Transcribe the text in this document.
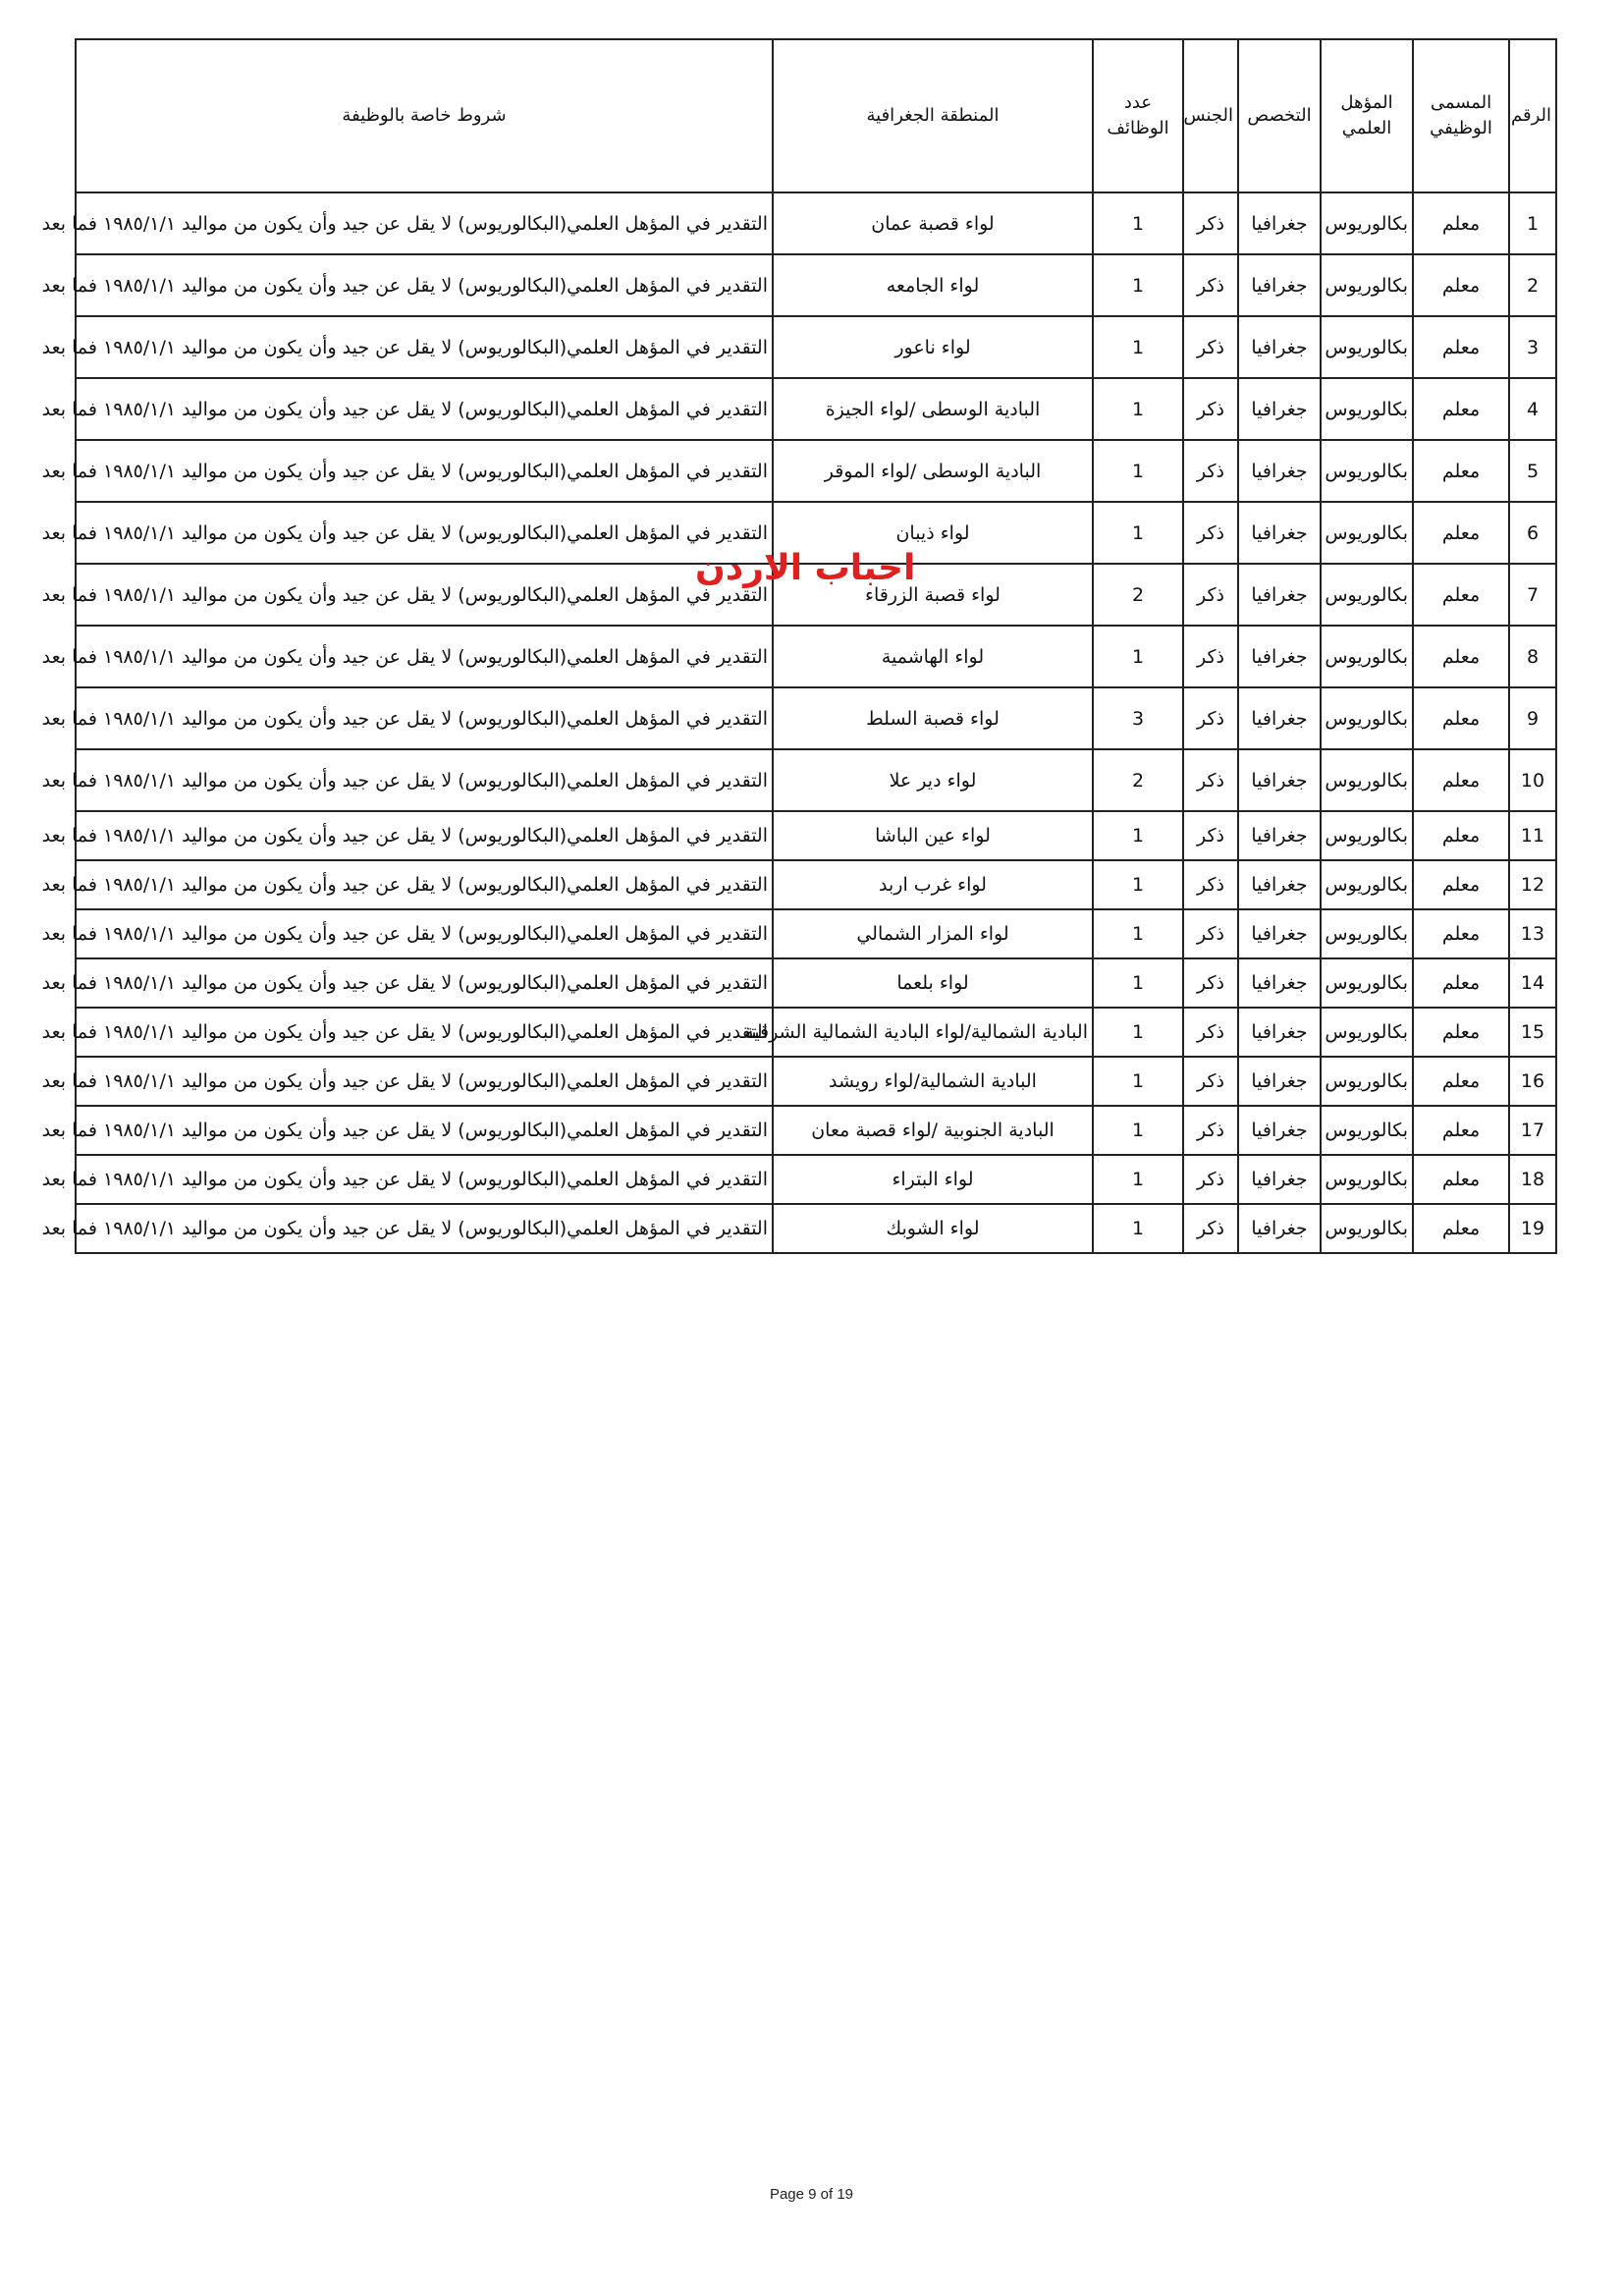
الرقم	المسمى الوظيفي	المؤهل العلمي	التخصص	الجنس	عدد الوظائف	المنطقة الجغرافية	شروط خاصة بالوظيفة
1	معلم	بكالوريوس	جغرافيا	ذكر	1	لواء قصبة عمان	التقدير في المؤهل العلمي(البكالوريوس) لا يقل عن جيد وأن يكون من مواليد ١٩٨٥/١/١ فما بعد
2	معلم	بكالوريوس	جغرافيا	ذكر	1	لواء الجامعه	التقدير في المؤهل العلمي(البكالوريوس) لا يقل عن جيد وأن يكون من مواليد ١٩٨٥/١/١ فما بعد
3	معلم	بكالوريوس	جغرافيا	ذكر	1	لواء ناعور	التقدير في المؤهل العلمي(البكالوريوس) لا يقل عن جيد وأن يكون من مواليد ١٩٨٥/١/١ فما بعد
4	معلم	بكالوريوس	جغرافيا	ذكر	1	البادية الوسطى /لواء الجيزة	التقدير في المؤهل العلمي(البكالوريوس) لا يقل عن جيد وأن يكون من مواليد ١٩٨٥/١/١ فما بعد
5	معلم	بكالوريوس	جغرافيا	ذكر	1	البادية الوسطى /لواء الموقر	التقدير في المؤهل العلمي(البكالوريوس) لا يقل عن جيد وأن يكون من مواليد ١٩٨٥/١/١ فما بعد
6	معلم	بكالوريوس	جغرافيا	ذكر	1	لواء ذيبان	التقدير في المؤهل العلمي(البكالوريوس) لا يقل عن جيد وأن يكون من مواليد ١٩٨٥/١/١ فما بعد
7	معلم	بكالوريوس	جغرافيا	ذكر	2	لواء قصبة الزرقاء	التقدير في المؤهل العلمي(البكالوريوس) لا يقل عن جيد وأن يكون من مواليد ١٩٨٥/١/١ فما بعد
8	معلم	بكالوريوس	جغرافيا	ذكر	1	لواء الهاشمية	التقدير في المؤهل العلمي(البكالوريوس) لا يقل عن جيد وأن يكون من مواليد ١٩٨٥/١/١ فما بعد
9	معلم	بكالوريوس	جغرافيا	ذكر	3	لواء قصبة السلط	التقدير في المؤهل العلمي(البكالوريوس) لا يقل عن جيد وأن يكون من مواليد ١٩٨٥/١/١ فما بعد
10	معلم	بكالوريوس	جغرافيا	ذكر	2	لواء دير علا	التقدير في المؤهل العلمي(البكالوريوس) لا يقل عن جيد وأن يكون من مواليد ١٩٨٥/١/١ فما بعد
11	معلم	بكالوريوس	جغرافيا	ذكر	1	لواء عين الباشا	التقدير في المؤهل العلمي(البكالوريوس) لا يقل عن جيد وأن يكون من مواليد ١٩٨٥/١/١ فما بعد
12	معلم	بكالوريوس	جغرافيا	ذكر	1	لواء غرب اربد	التقدير في المؤهل العلمي(البكالوريوس) لا يقل عن جيد وأن يكون من مواليد ١٩٨٥/١/١ فما بعد
13	معلم	بكالوريوس	جغرافيا	ذكر	1	لواء المزار الشمالي	التقدير في المؤهل العلمي(البكالوريوس) لا يقل عن جيد وأن يكون من مواليد ١٩٨٥/١/١ فما بعد
14	معلم	بكالوريوس	جغرافيا	ذكر	1	لواء بلعما	التقدير في المؤهل العلمي(البكالوريوس) لا يقل عن جيد وأن يكون من مواليد ١٩٨٥/١/١ فما بعد
15	معلم	بكالوريوس	جغرافيا	ذكر	1	البادية الشمالية/لواء البادية الشمالية الشرقية	التقدير في المؤهل العلمي(البكالوريوس) لا يقل عن جيد وأن يكون من مواليد ١٩٨٥/١/١ فما بعد
16	معلم	بكالوريوس	جغرافيا	ذكر	1	البادية الشمالية/لواء رويشد	التقدير في المؤهل العلمي(البكالوريوس) لا يقل عن جيد وأن يكون من مواليد ١٩٨٥/١/١ فما بعد
17	معلم	بكالوريوس	جغرافيا	ذكر	1	البادية الجنوبية /لواء قصبة معان	التقدير في المؤهل العلمي(البكالوريوس) لا يقل عن جيد وأن يكون من مواليد ١٩٨٥/١/١ فما بعد
18	معلم	بكالوريوس	جغرافيا	ذكر	1	لواء البتراء	التقدير في المؤهل العلمي(البكالوريوس) لا يقل عن جيد وأن يكون من مواليد ١٩٨٥/١/١ فما بعد
19	معلم	بكالوريوس	جغرافيا	ذكر	1	لواء الشوبك	التقدير في المؤهل العلمي(البكالوريوس) لا يقل عن جيد وأن يكون من مواليد ١٩٨٥/١/١ فما بعد
احباب الاردن
Page 9 of 19
